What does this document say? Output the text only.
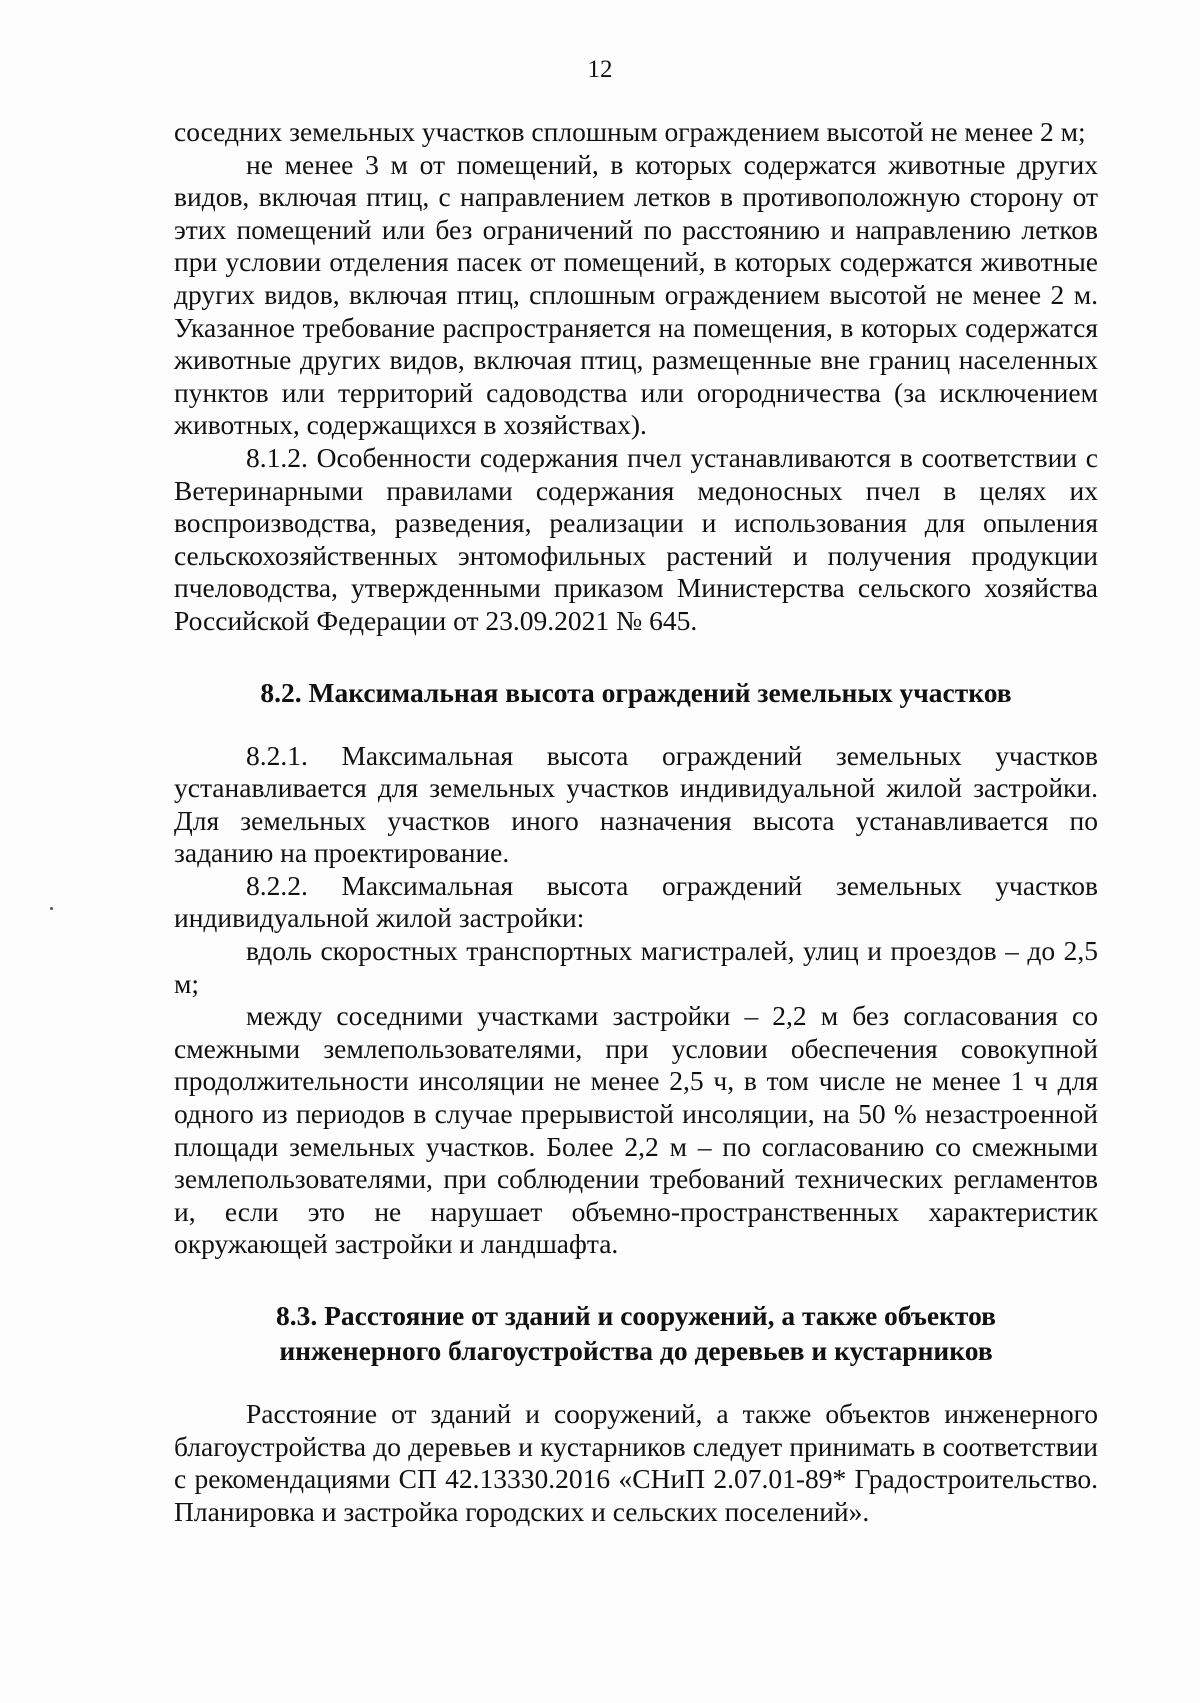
12

соседних земельных участков сплошным ограждением высотой не менее 2 м;

не менее 3 м от помещений, в которых содержатся животные других видов, включая птиц, с направлением летков в противоположную сторону от этих помещений или без ограничений по расстоянию и направлению летков при условии отделения пасек от помещений, в которых содержатся животные других видов, включая птиц, сплошным ограждением высотой не менее 2 м. Указанное требование распространяется на помещения, в которых содержатся животные других видов, включая птиц, размещенные вне границ населенных пунктов или территорий садоводства или огородничества (за исключением животных, содержащихся в хозяйствах).

8.1.2. Особенности содержания пчел устанавливаются в соответствии с Ветеринарными правилами содержания медоносных пчел в целях их воспроизводства, разведения, реализации и использования для опыления сельскохозяйственных энтомофильных растений и получения продукции пчеловодства, утвержденными приказом Министерства сельского хозяйства Российской Федерации от 23.09.2021 № 645.

8.2. Максимальная высота ограждений земельных участков

8.2.1. Максимальная высота ограждений земельных участков устанавливается для земельных участков индивидуальной жилой застройки. Для земельных участков иного назначения высота устанавливается по заданию на проектирование.

8.2.2. Максимальная высота ограждений земельных участков индивидуальной жилой застройки:

вдоль скоростных транспортных магистралей, улиц и проездов – до 2,5 м;

между соседними участками застройки – 2,2 м без согласования со смежными землепользователями, при условии обеспечения совокупной продолжительности инсоляции не менее 2,5 ч, в том числе не менее 1 ч для одного из периодов в случае прерывистой инсоляции, на 50 % незастроенной площади земельных участков. Более 2,2 м – по согласованию со смежными землепользователями, при соблюдении требований технических регламентов и, если это не нарушает объемно-пространственных характеристик окружающей застройки и ландшафта.

8.3. Расстояние от зданий и сооружений, а также объектов
инженерного благоустройства до деревьев и кустарников

Расстояние от зданий и сооружений, а также объектов инженерного благоустройства до деревьев и кустарников следует принимать в соответствии с рекомендациями СП 42.13330.2016 «СНиП 2.07.01-89* Градостроительство. Планировка и застройка городских и сельских поселений».
